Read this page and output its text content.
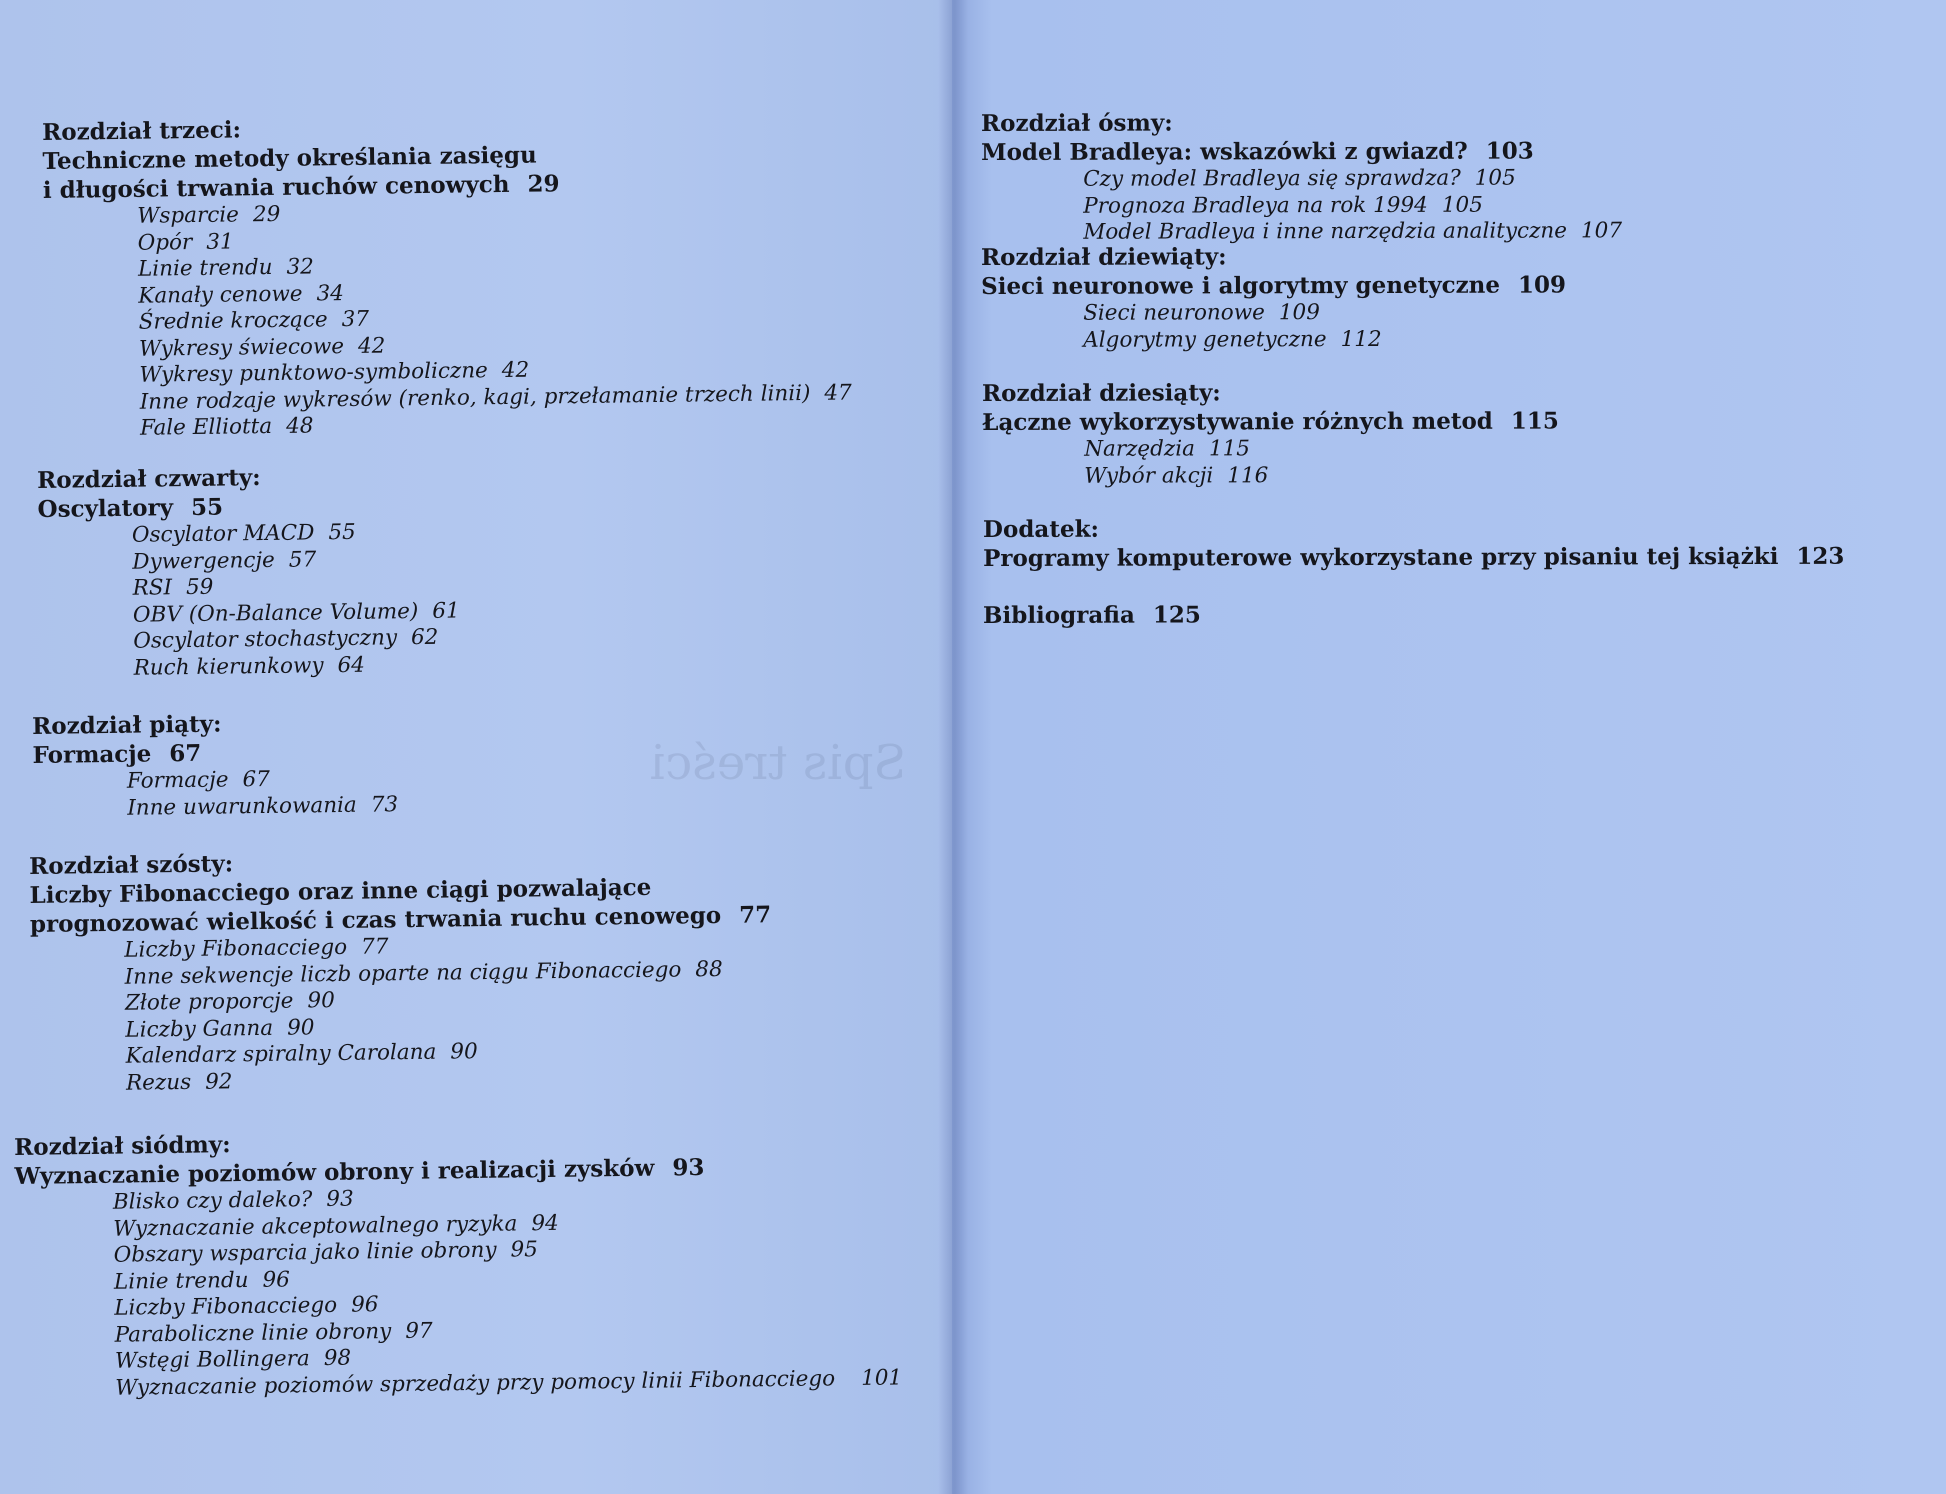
Spis treści
Rozdział trzeci:
Techniczne metody określania zasięgu
i długości trwania ruchów cenowych 29
Wsparcie 29
Opór 31
Linie trendu 32
Kanały cenowe 34
Średnie kroczące 37
Wykresy świecowe 42
Wykresy punktowo-symboliczne 42
Inne rodzaje wykresów (renko, kagi, przełamanie trzech linii) 47
Fale Elliotta 48
Rozdział czwarty:
Oscylatory 55
Oscylator MACD 55
Dywergencje 57
RSI 59
OBV (On-Balance Volume) 61
Oscylator stochastyczny 62
Ruch kierunkowy 64
Rozdział piąty:
Formacje 67
Formacje 67
Inne uwarunkowania 73
Rozdział szósty:
Liczby Fibonacciego oraz inne ciągi pozwalające
prognozować wielkość i czas trwania ruchu cenowego 77
Liczby Fibonacciego 77
Inne sekwencje liczb oparte na ciągu Fibonacciego 88
Złote proporcje 90
Liczby Ganna 90
Kalendarz spiralny Carolana 90
Rezus 92
Rozdział siódmy:
Wyznaczanie poziomów obrony i realizacji zysków 93
Blisko czy daleko? 93
Wyznaczanie akceptowalnego ryzyka 94
Obszary wsparcia jako linie obrony 95
Linie trendu 96
Liczby Fibonacciego 96
Paraboliczne linie obrony 97
Wstęgi Bollingera 98
Wyznaczanie poziomów sprzedaży przy pomocy linii Fibonacciego 101
Rozdział ósmy:
Model Bradleya: wskazówki z gwiazd? 103
Czy model Bradleya się sprawdza? 105
Prognoza Bradleya na rok 1994 105
Model Bradleya i inne narzędzia analityczne 107
Rozdział dziewiąty:
Sieci neuronowe i algorytmy genetyczne 109
Sieci neuronowe 109
Algorytmy genetyczne 112
Rozdział dziesiąty:
Łączne wykorzystywanie różnych metod 115
Narzędzia 115
Wybór akcji 116
Dodatek:
Programy komputerowe wykorzystane przy pisaniu tej książki 123
Bibliografia 125
